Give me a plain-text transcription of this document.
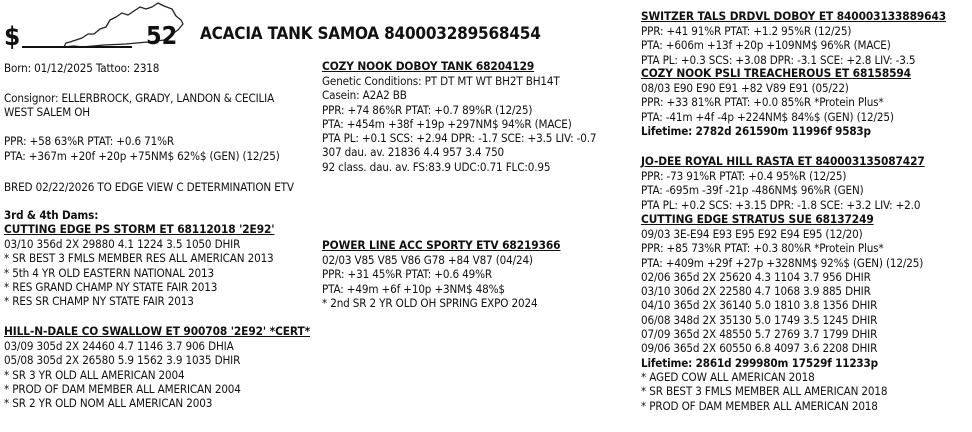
$	52 ACACIA TANK SAMOA 840003289568454
Born: 01/12/2025 Tattoo: 2318
Consignor: ELLERBROCK, GRADY, LANDON & CECILIA
WEST SALEM OH
PPR: +58 63%R PTAT: +0.6 71%R
PTA: +367m +20f +20p +75NM$ 62%$ (GEN) (12/25)
BRED 02/22/2026 TO EDGE VIEW C DETERMINATION ETV
3rd & 4th Dams:
CUTTING EDGE PS STORM ET 68112018 '2E92'
03/10 356d 2X 29880 4.1 1224 3.5 1050 DHIR
* SR BEST 3 FMLS MEMBER RES ALL AMERICAN 2013
* 5th 4 YR OLD EASTERN NATIONAL 2013
* RES GRAND CHAMP NY STATE FAIR 2013
* RES SR CHAMP NY STATE FAIR 2013
HILL-N-DALE CO SWALLOW ET 900708 '2E92' *CERT*
03/09 305d 2X 24460 4.7 1146 3.7 906 DHIA
05/08 305d 2X 26580 5.9 1562 3.9 1035 DHIR
* SR 3 YR OLD ALL AMERICAN 2004
* PROD OF DAM MEMBER ALL AMERICAN 2004
* SR 2 YR OLD NOM ALL AMERICAN 2003
COZY NOOK DOBOY TANK 68204129
Genetic Conditions: PT DT MT WT BH2T BH14T
Casein: A2A2 BB
PPR: +74 86%R PTAT: +0.7 89%R (12/25)
PTA: +454m +38f +19p +297NM$ 94%R (MACE)
PTA PL: +0.1 SCS: +2.94 DPR: -1.7 SCE: +3.5 LIV: -0.7
307 dau. av. 21836 4.4 957 3.4 750
92 class. dau. av. FS:83.9 UDC:0.71 FLC:0.95
POWER LINE ACC SPORTY ETV 68219366
02/03 V85 V85 V86 G78 +84 V87 (04/24)
PPR: +31 45%R PTAT: +0.6 49%R
PTA: +49m +6f +10p +3NM$ 48%$
* 2nd SR 2 YR OLD OH SPRING EXPO 2024
SWITZER TALS DRDVL DOBOY ET 840003133889643
PPR: +41 91%R PTAT: +1.2 95%R (12/25)
PTA: +606m +13f +20p +109NM$ 96%R (MACE)
PTA PL: +0.3 SCS: +3.08 DPR: -3.1 SCE: +2.8 LIV: -3.5
COZY NOOK PSLI TREACHEROUS ET 68158594
08/03 E90 E90 E91 +82 V89 E91 (05/22)
PPR: +33 81%R PTAT: +0.0 85%R *Protein Plus*
PTA: -41m +4f -4p +224NM$ 84%$ (GEN) (12/25)
Lifetime: 2782d 261590m 11996f 9583p
JO-DEE ROYAL HILL RASTA ET 840003135087427
PPR: -73 91%R PTAT: +0.4 95%R (12/25)
PTA: -695m -39f -21p -486NM$ 96%R (GEN)
PTA PL: +0.2 SCS: +3.15 DPR: -1.8 SCE: +3.2 LIV: +2.0
CUTTING EDGE STRATUS SUE 68137249
09/03 3E-E94 E93 E95 E92 E94 E95 (12/20)
PPR: +85 73%R PTAT: +0.3 80%R *Protein Plus*
PTA: +409m +29f +27p +328NM$ 92%$ (GEN) (12/25)
02/06 365d 2X 25620 4.3 1104 3.7 956 DHIR
03/10 306d 2X 22580 4.7 1068 3.9 885 DHIR
04/10 365d 2X 36140 5.0 1810 3.8 1356 DHIR
06/08 348d 2X 35130 5.0 1749 3.5 1245 DHIR
07/09 365d 2X 48550 5.7 2769 3.7 1799 DHIR
09/06 365d 2X 60550 6.8 4097 3.6 2208 DHIR
Lifetime: 2861d 299980m 17529f 11233p
* AGED COW ALL AMERICAN 2018
* SR BEST 3 FMLS MEMBER ALL AMERICAN 2018
* PROD OF DAM MEMBER ALL AMERICAN 2018
